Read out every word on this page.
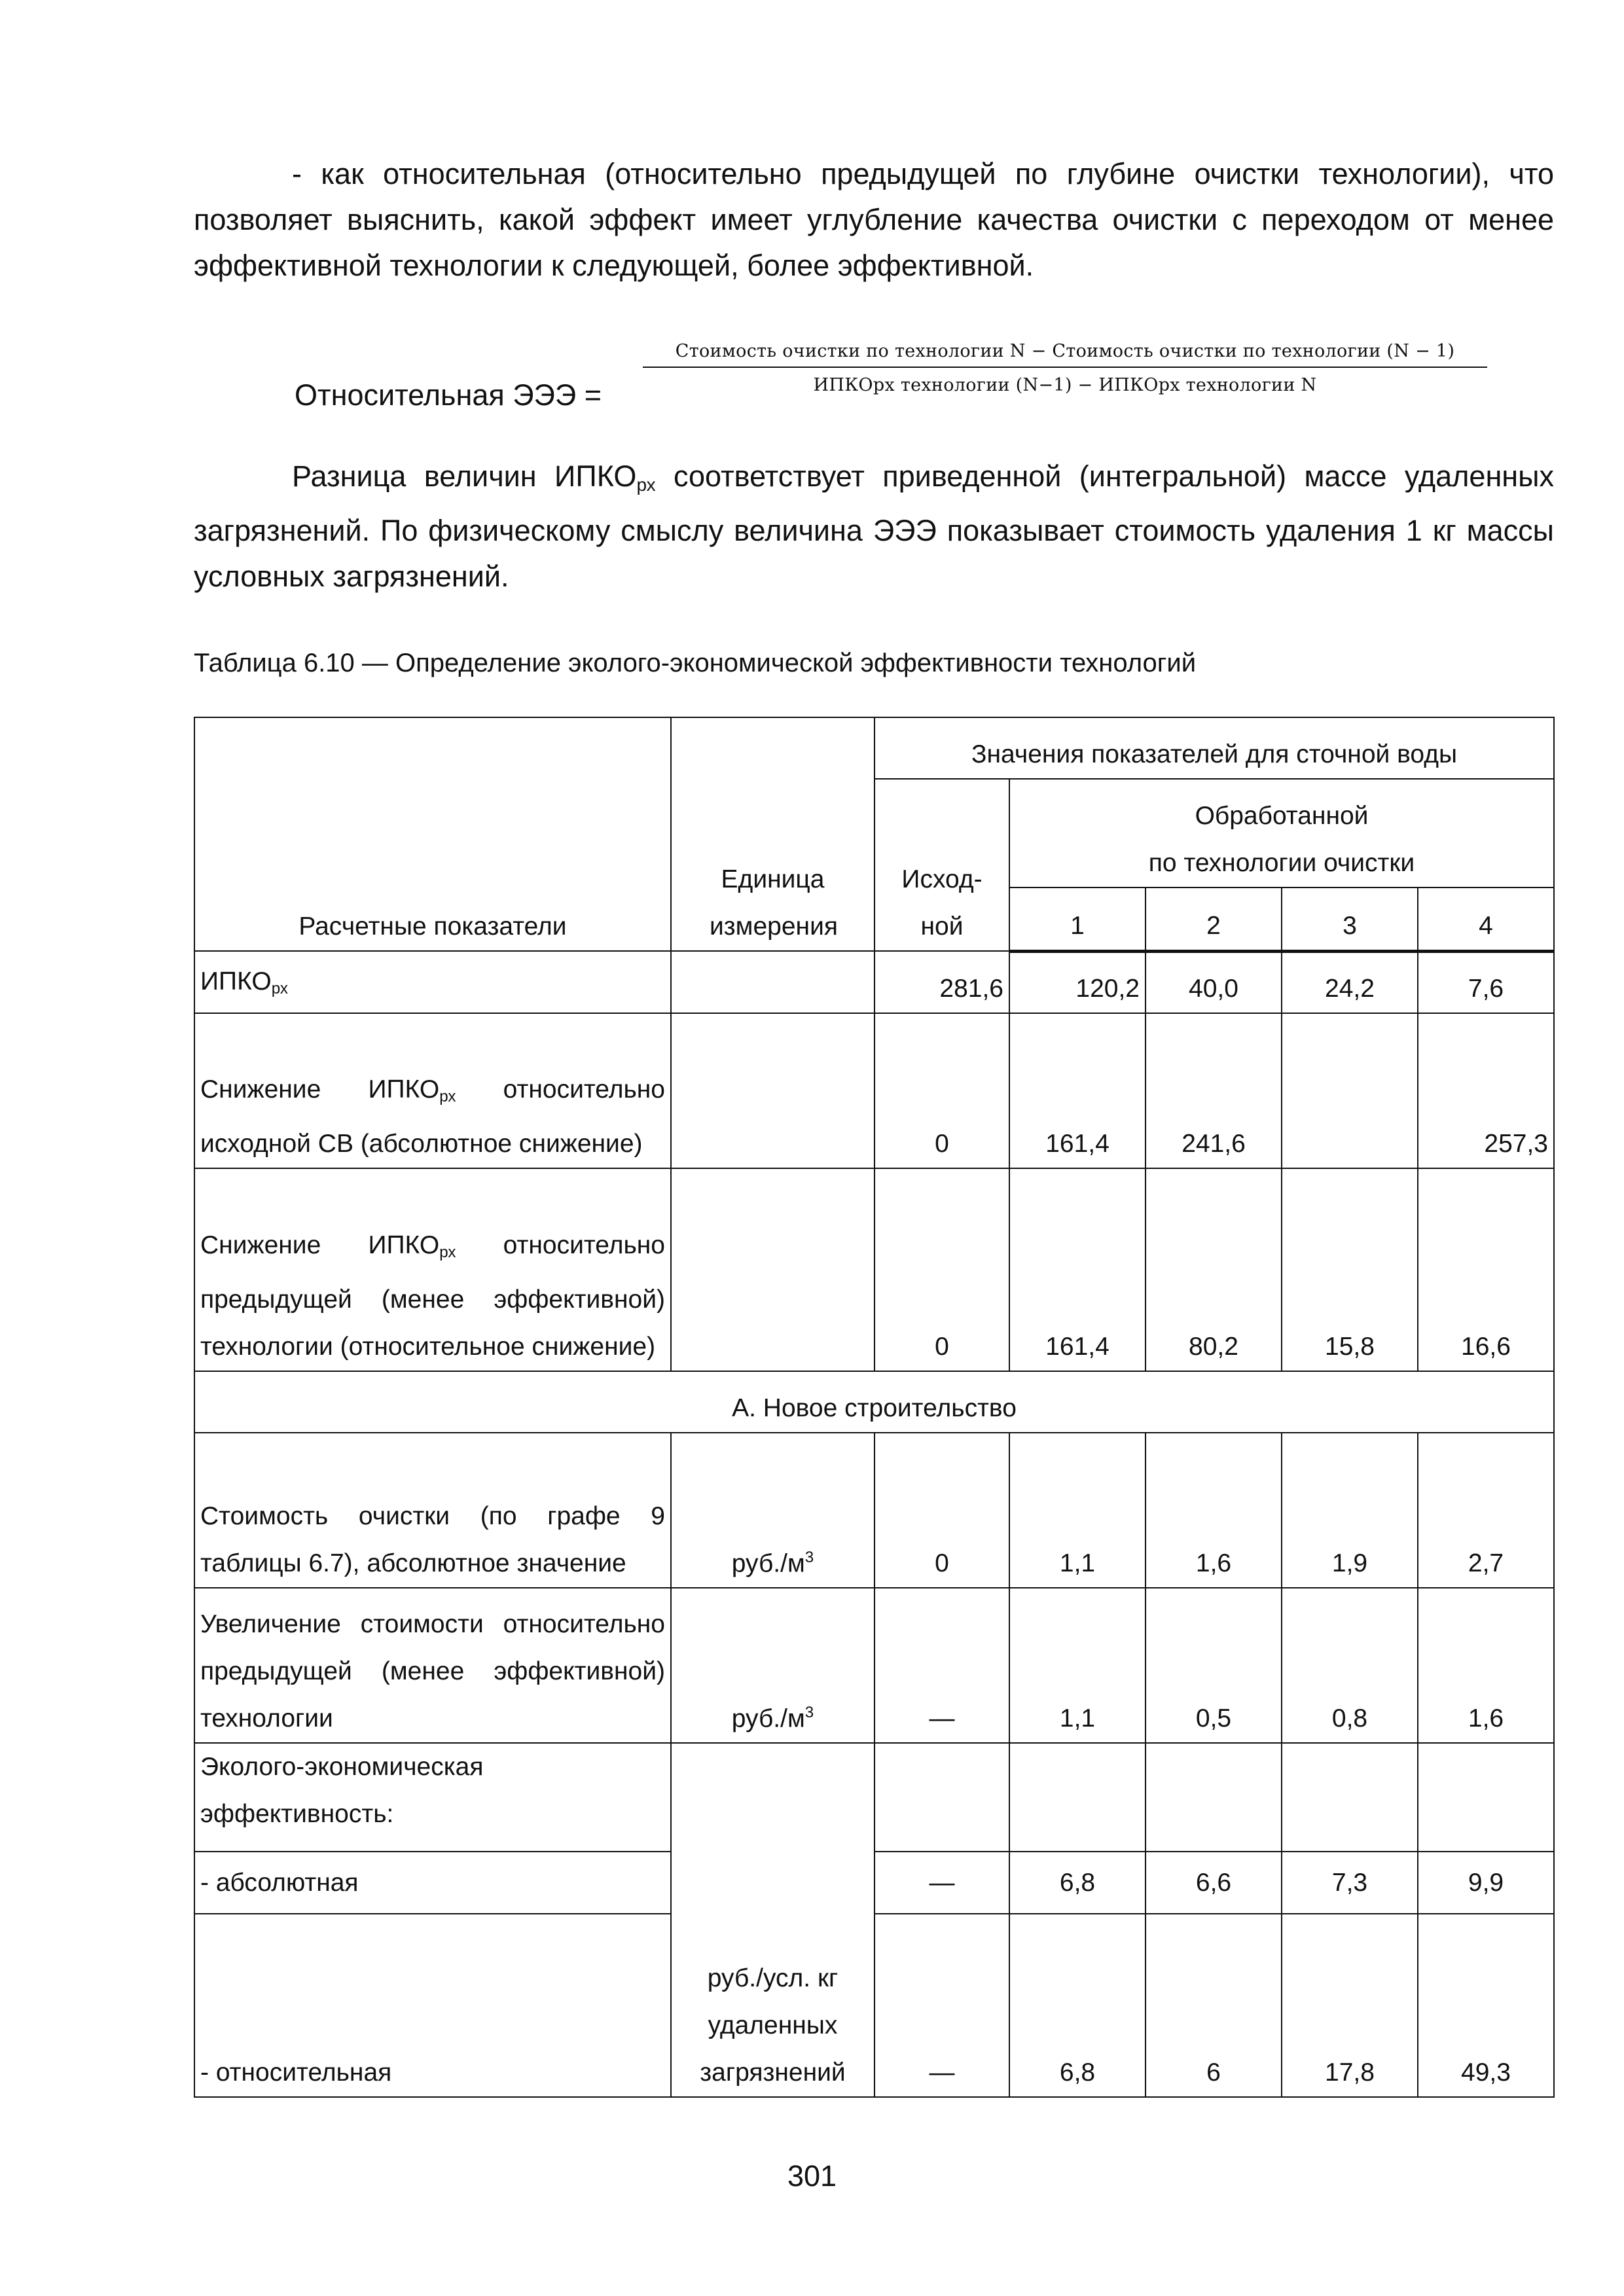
- как относительная (относительно предыдущей по глубине очистки технологии), что позволяет выяснить, какой эффект имеет углубление качества очистки с переходом от менее эффективной технологии к следующей, более эффективной.

Относительная ЭЭЭ =
Стоимость очистки по технологии N − Стоимость очистки по технологии (N − 1)
ИПКОрх технологии (N−1) − ИПКОрх технологии N

Разница величин $ИПКО_{рх}$ соответствует приведенной (интегральной) массе удаленных загрязнений. По физическому смыслу величина ЭЭЭ показывает стоимость удаления 1 кг массы условных загрязнений.

Таблица 6.10 — Определение эколого-экономической эффективности технологий
Расчетные показатели	Единица измерения	Значения показателей для сточной воды				

		Исход-ной	Обработанной
по технологии очистки			

			1	2	3	4
$ИПКО_{рх}$		281,6	120,2	40,0	24,2	7,6
Снижение $ИПКО_{рх}$ относительно исходной СВ (абсолютное снижение)		0	161,4	241,6		257,3
Снижение $ИПКО_{рх}$ относительно предыдущей (менее эффективной) технологии (относительное снижение)		0	161,4	80,2	15,8	16,6
А. Новое строительство						
Стоимость очистки (по графе 9 таблицы 6.7), абсолютное значение	$руб./м^3$	0	1,1	1,6	1,9	2,7
Увеличение стоимости относительно предыдущей (менее эффективной) технологии	$руб./м^3$	—	1,1	0,5	0,8	1,6
Эколого-экономическая эффективность:	руб./усл. кг удаленных загрязнений					
- абсолютная		—	6,8	6,6	7,3	9,9
- относительная		—	6,8	6	17,8	49,3
301
